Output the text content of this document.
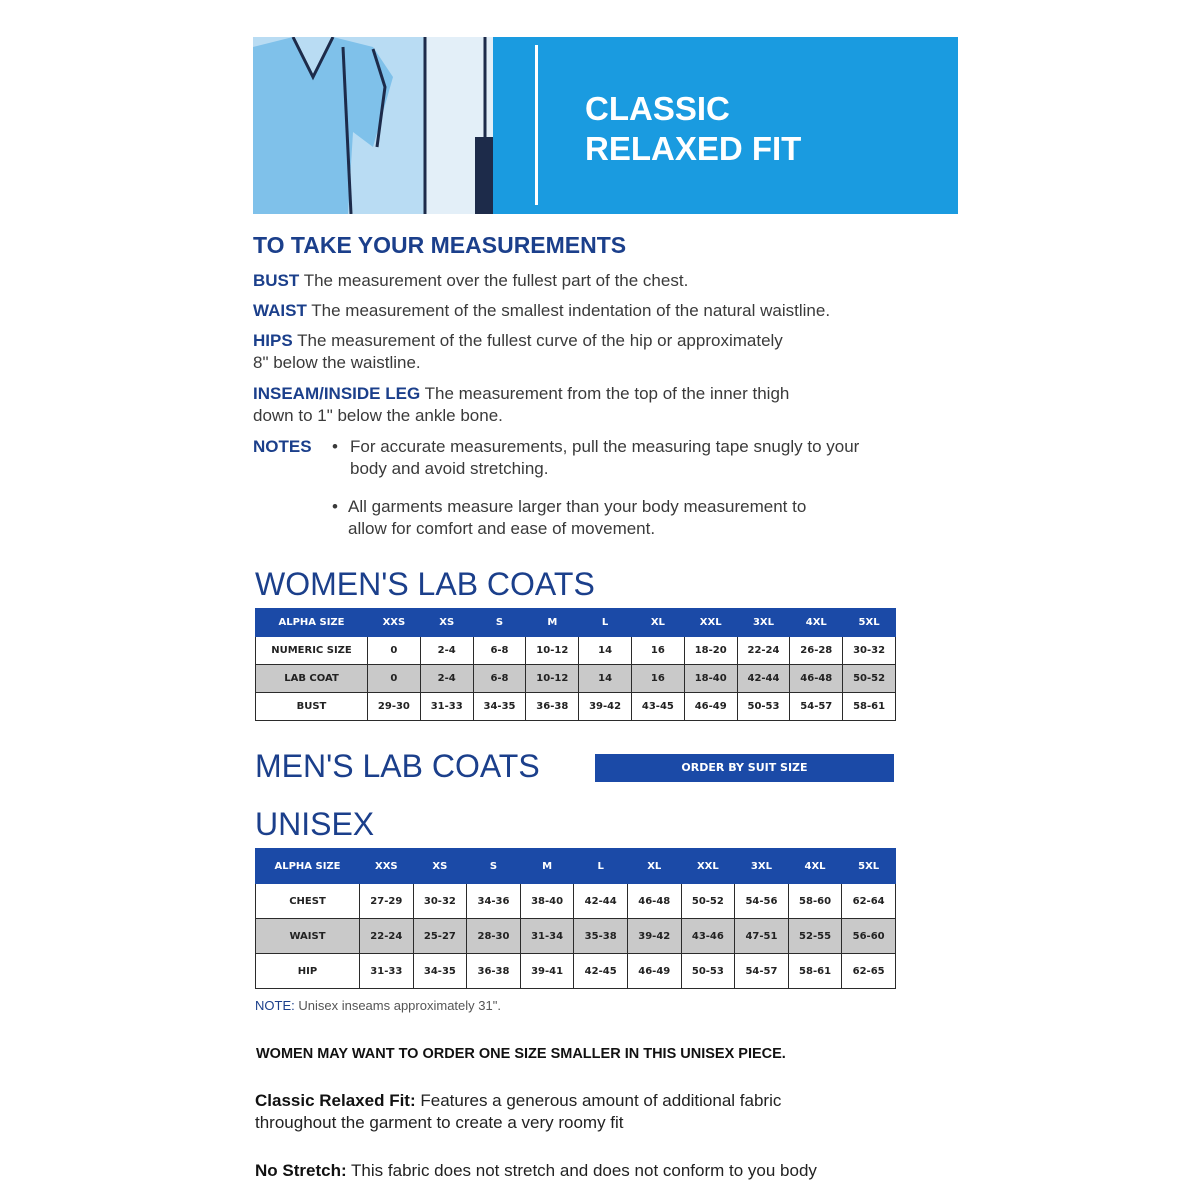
CLASSIC
RELAXED FIT
TO TAKE YOUR MEASUREMENTS
BUST The measurement over the fullest part of the chest.
WAIST The measurement of the smallest indentation of the natural waistline.
HIPS The measurement of the fullest curve of the hip or approximately
8" below the waistline.
INSEAM/INSIDE LEG The measurement from the top of the inner thigh
down to 1" below the ankle bone.
NOTES • For accurate measurements, pull the measuring tape snugly to your
body and avoid stretching.
• All garments measure larger than your body measurement to
allow for comfort and ease of movement.
WOMEN'S LAB COATS
ALPHA SIZE	XXS	XS	S	M	L	XL	XXL	3XL	4XL	5XL
NUMERIC SIZE	0	2-4	6-8	10-12	14	16	18-20	22-24	26-28	30-32
LAB COAT	0	2-4	6-8	10-12	14	16	18-40	42-44	46-48	50-52
BUST	29-30	31-33	34-35	36-38	39-42	43-45	46-49	50-53	54-57	58-61
MEN'S LAB COATS	ORDER BY SUIT SIZE
UNISEX
ALPHA SIZE	XXS	XS	S	M	L	XL	XXL	3XL	4XL	5XL
CHEST	27-29	30-32	34-36	38-40	42-44	46-48	50-52	54-56	58-60	62-64
WAIST	22-24	25-27	28-30	31-34	35-38	39-42	43-46	47-51	52-55	56-60
HIP	31-33	34-35	36-38	39-41	42-45	46-49	50-53	54-57	58-61	62-65
NOTE: Unisex inseams approximately 31".
WOMEN MAY WANT TO ORDER ONE SIZE SMALLER IN THIS UNISEX PIECE.
Classic Relaxed Fit: Features a generous amount of additional fabric
throughout the garment to create a very roomy fit
No Stretch: This fabric does not stretch and does not conform to you body
